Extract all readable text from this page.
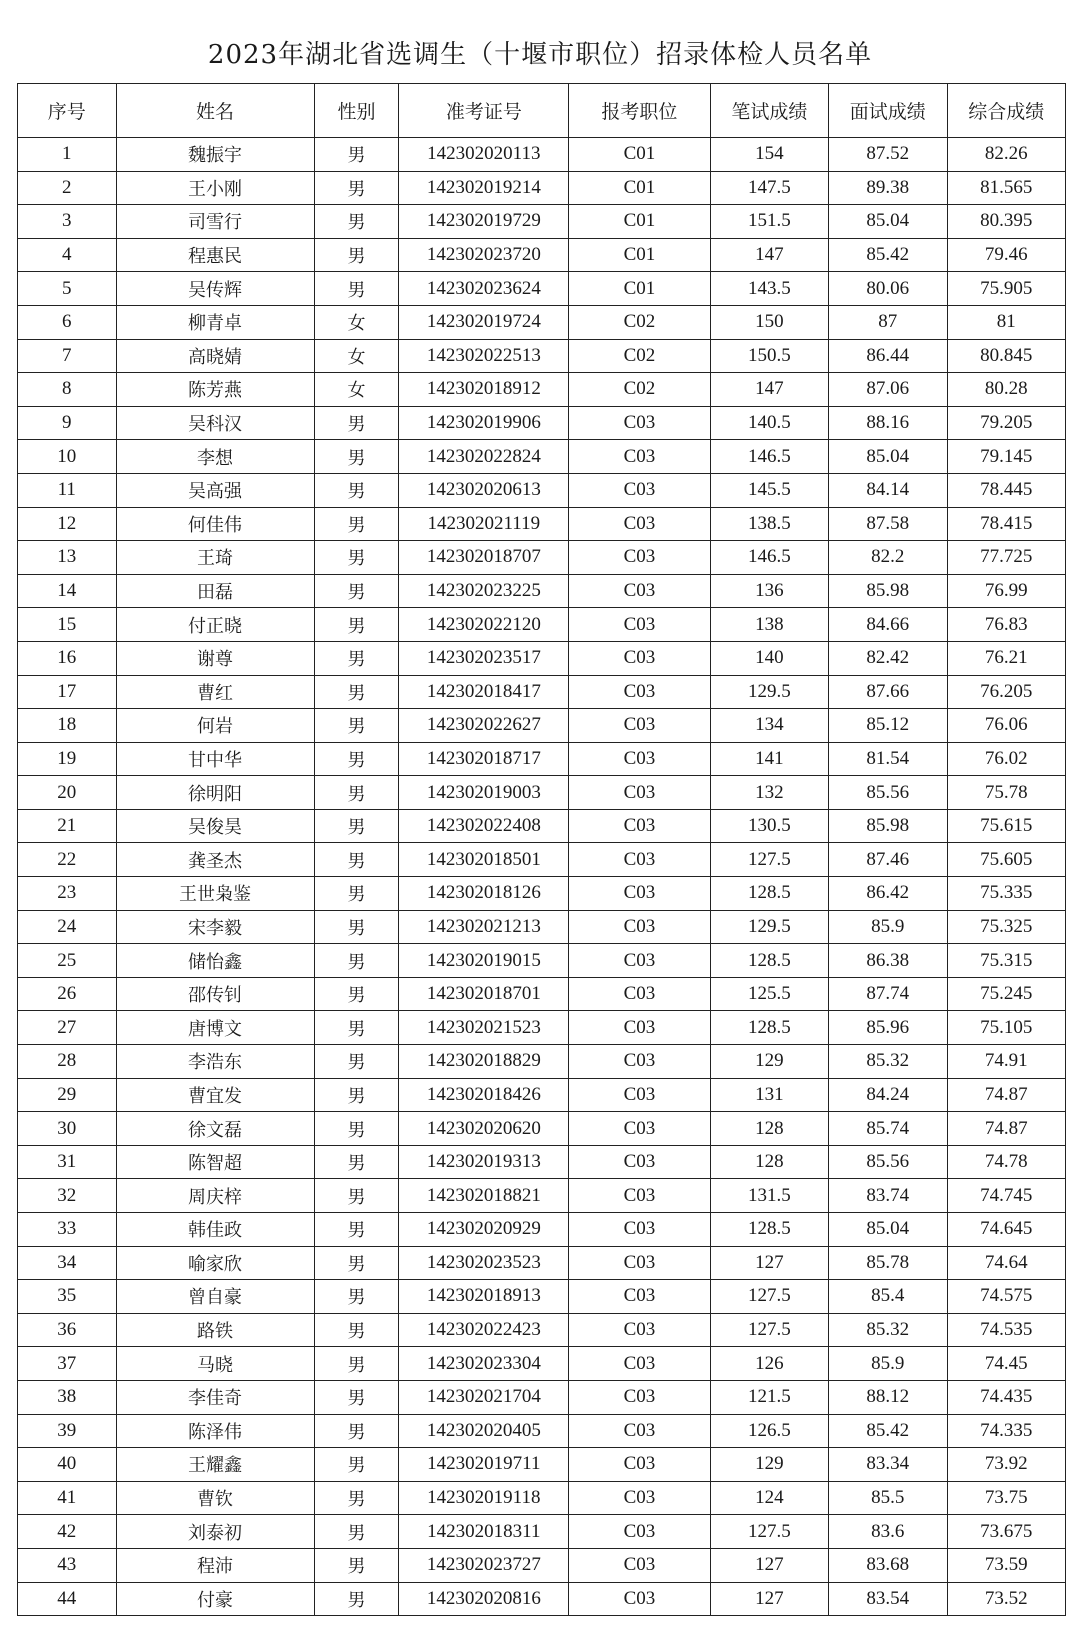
2023年湖北省选调生（十堰市职位）招录体检人员名单
序号	姓名	性别	准考证号	报考职位	笔试成绩	面试成绩	综合成绩
1	魏振宇	男	142302020113	C01	154	87.52	82.26
2	王小刚	男	142302019214	C01	147.5	89.38	81.565
3	司雪行	男	142302019729	C01	151.5	85.04	80.395
4	程惠民	男	142302023720	C01	147	85.42	79.46
5	吴传辉	男	142302023624	C01	143.5	80.06	75.905
6	柳青卓	女	142302019724	C02	150	87	81
7	高晓婧	女	142302022513	C02	150.5	86.44	80.845
8	陈芳燕	女	142302018912	C02	147	87.06	80.28
9	吴科汉	男	142302019906	C03	140.5	88.16	79.205
10	李想	男	142302022824	C03	146.5	85.04	79.145
11	吴高强	男	142302020613	C03	145.5	84.14	78.445
12	何佳伟	男	142302021119	C03	138.5	87.58	78.415
13	王琦	男	142302018707	C03	146.5	82.2	77.725
14	田磊	男	142302023225	C03	136	85.98	76.99
15	付正晓	男	142302022120	C03	138	84.66	76.83
16	谢尊	男	142302023517	C03	140	82.42	76.21
17	曹红	男	142302018417	C03	129.5	87.66	76.205
18	何岩	男	142302022627	C03	134	85.12	76.06
19	甘中华	男	142302018717	C03	141	81.54	76.02
20	徐明阳	男	142302019003	C03	132	85.56	75.78
21	吴俊昊	男	142302022408	C03	130.5	85.98	75.615
22	龚圣杰	男	142302018501	C03	127.5	87.46	75.605
23	王世枭鉴	男	142302018126	C03	128.5	86.42	75.335
24	宋李毅	男	142302021213	C03	129.5	85.9	75.325
25	储怡鑫	男	142302019015	C03	128.5	86.38	75.315
26	邵传钊	男	142302018701	C03	125.5	87.74	75.245
27	唐博文	男	142302021523	C03	128.5	85.96	75.105
28	李浩东	男	142302018829	C03	129	85.32	74.91
29	曹宜发	男	142302018426	C03	131	84.24	74.87
30	徐文磊	男	142302020620	C03	128	85.74	74.87
31	陈智超	男	142302019313	C03	128	85.56	74.78
32	周庆梓	男	142302018821	C03	131.5	83.74	74.745
33	韩佳政	男	142302020929	C03	128.5	85.04	74.645
34	喻家欣	男	142302023523	C03	127	85.78	74.64
35	曾自豪	男	142302018913	C03	127.5	85.4	74.575
36	路铁	男	142302022423	C03	127.5	85.32	74.535
37	马晓	男	142302023304	C03	126	85.9	74.45
38	李佳奇	男	142302021704	C03	121.5	88.12	74.435
39	陈泽伟	男	142302020405	C03	126.5	85.42	74.335
40	王耀鑫	男	142302019711	C03	129	83.34	73.92
41	曹钦	男	142302019118	C03	124	85.5	73.75
42	刘泰初	男	142302018311	C03	127.5	83.6	73.675
43	程沛	男	142302023727	C03	127	83.68	73.59
44	付豪	男	142302020816	C03	127	83.54	73.52
